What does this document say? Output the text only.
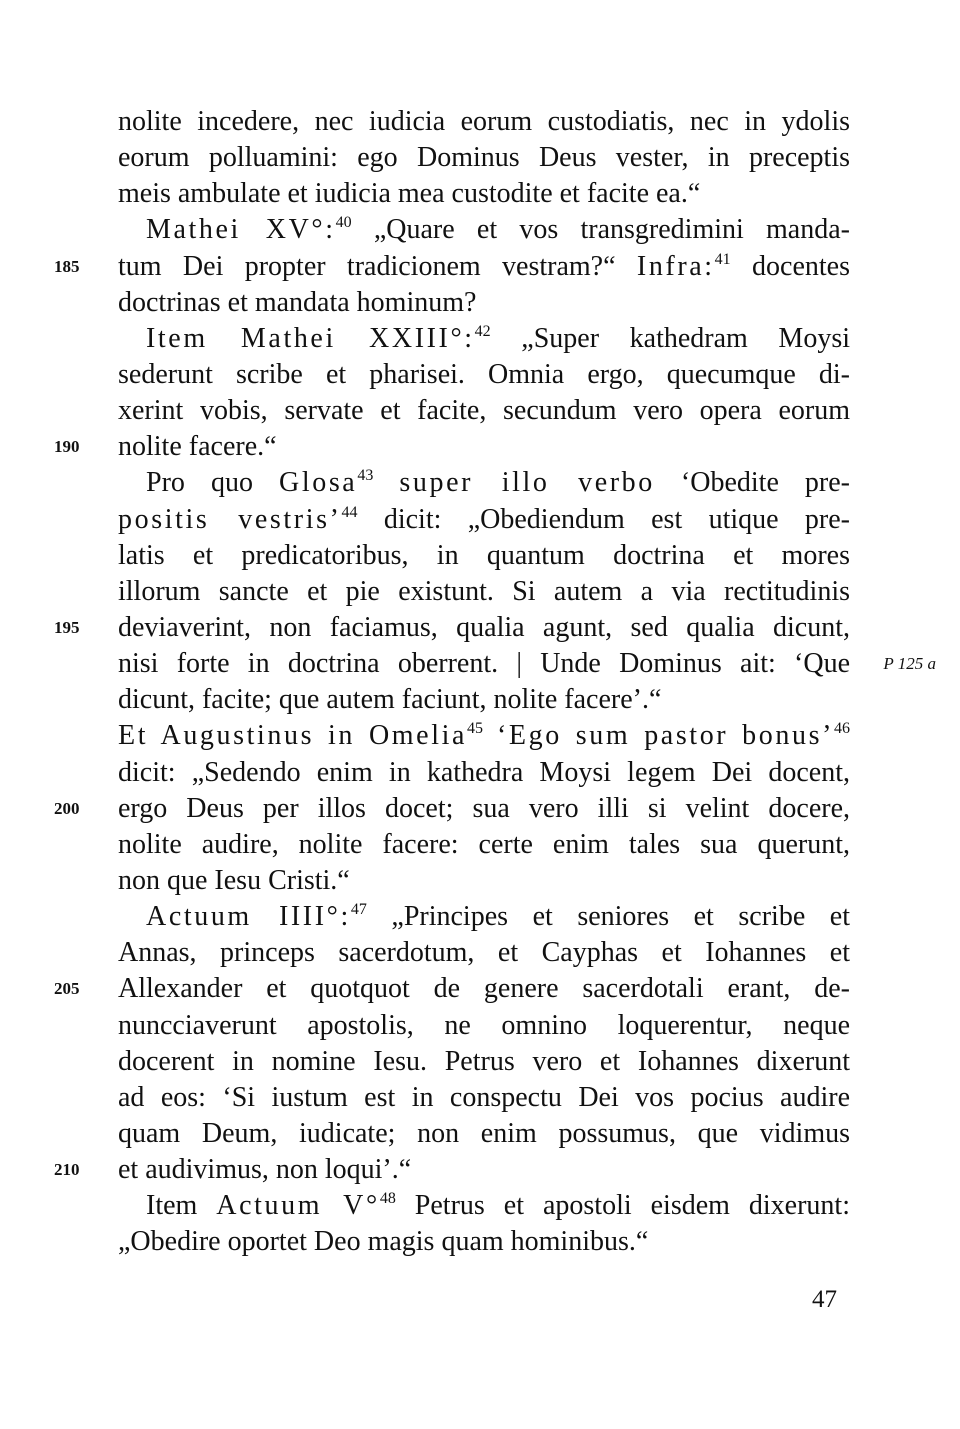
nolite incedere, nec iudicia eorum custodiatis, nec in ydolis
eorum polluamini: ego Dominus Deus vester, in preceptis
meis ambulate et iudicia mea custodite et facite ea.“
Mathei XV°:$^{40}$ „Quare et vos transgredimini manda-
185	tum Dei propter tradicionem vestram?“ Infra:$^{41}$ docentes
doctrinas et mandata hominum?
Item Mathei XXIII°:$^{42}$ „Super kathedram Moysi
sederunt scribe et pharisei. Omnia ergo, quecumque di-
xerint vobis, servate et facite, secundum vero opera eorum
190	nolite facere.“
Pro quo Glosa$^{43}$ super illo verbo ‘Obedite pre-
positis vestris’$^{44}$ dicit: „Obediendum est utique pre-
latis et predicatoribus, in quantum doctrina et mores
illorum sancte et pie existunt. Si autem a via rectitudinis
195	deviaverint, non faciamus, qualia agunt, sed qualia dicunt,
nisi forte in doctrina oberrent. | Unde Dominus ait: ‘Que P 125 a
dicunt, facite; que autem faciunt, nolite facere’.“
Et Augustinus in Omelia$^{45}$ ‘Ego sum pastor bonus’$^{46}$
dicit: „Sedendo enim in kathedra Moysi legem Dei docent,
200	ergo Deus per illos docet; sua vero illi si velint docere,
nolite audire, nolite facere: certe enim tales sua querunt,
non que Iesu Cristi.“
Actuum IIII°:$^{47}$ „Principes et seniores et scribe et
Annas, princeps sacerdotum, et Cayphas et Iohannes et
205	Allexander et quotquot de genere sacerdotali erant, de-
nuncciaverunt apostolis, ne omnino loquerentur, neque
docerent in nomine Iesu. Petrus vero et Iohannes dixerunt
ad eos: ‘Si iustum est in conspectu Dei vos pocius audire
quam Deum, iudicate; non enim possumus, que vidimus
210	et audivimus, non loqui’.“
Item Actuum V°$^{48}$ Petrus et apostoli eisdem dixerunt:
„Obedire oportet Deo magis quam hominibus.“
47
